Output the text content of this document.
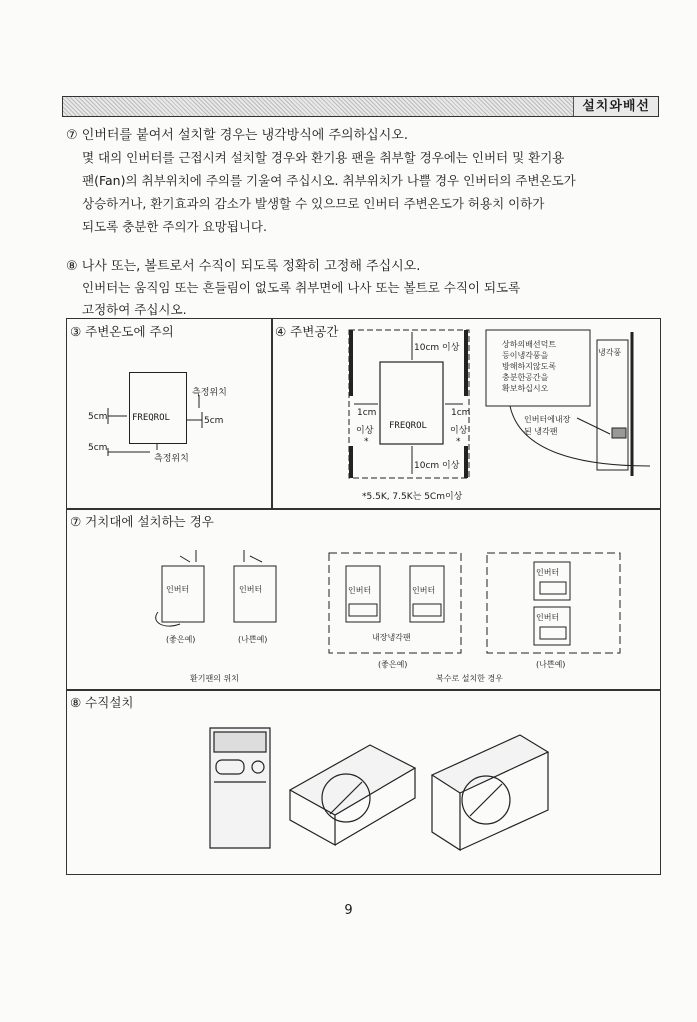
설치와배선
⑦ 인버터를 붙여서 설치할 경우는 냉각방식에 주의하십시오.
몇 대의 인버터를 근접시켜 설치할 경우와 환기용 팬을 취부할 경우에는 인버터 및 환기용
팬(Fan)의 취부위치에 주의를 기울여 주십시오. 취부위치가 나쁠 경우 인버터의 주변온도가
상승하거나, 환기효과의 감소가 발생할 수 있으므로 인버터 주변온도가 허용치 이하가
되도록 충분한 주의가 요망됩니다.
⑧ 나사 또는, 볼트로서 수직이 되도록 정확히 고정해 주십시오.
인버터는 움직임 또는 흔들림이 없도록 취부면에 나사 또는 볼트로 수직이 되도록
고정하여 주십시오.
③ 주변온도에 주의
FREQROL
측정위치
측정위치
5cm	5cm
5cm
④ 주변공간
10cm 이상
10cm 이상
1cm
이상
*
1cm
이상
*
FREQROL
*5.5K, 7.5K는 5Cm이상
상하의배선덕트
등이냉각풍을
방해하지않도록
충분한공간을
확보하십시오
냉각풍
인버터에내장
된 냉각팬
⑦ 거치대에 설치하는 경우
인버터	인버터
(좋은예)	(나쁜예)
환기팬의 위치
인버터	인버터
내장냉각팬
(좋은예)
인버터
인버터
(나쁜예)
복수로 설치한 경우
⑧ 수직설치
9
